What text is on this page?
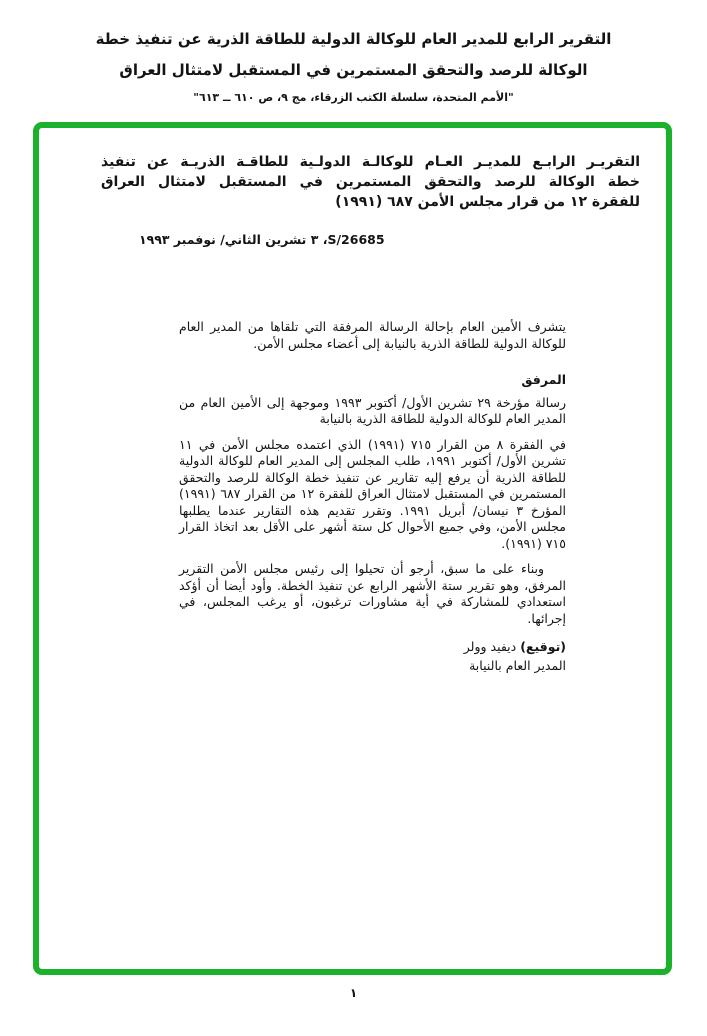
التقرير الرابع للمدير العام للوكالة الدولية للطاقة الذرية عن تنفيذ خطة
الوكالة للرصد والتحقق المستمرين في المستقبل لامتثال العراق
"الأمم المتحدة، سلسلة الكتب الزرقاء، مج ٩، ص ٦١٠ ــ ٦١٣"
التقريـر الرابـع للمديـر العـام للوكالـة الدولـية للطاقـة الذريـة عن تنفيذ
خطة الوكالة للرصد والتحقق المستمرين في المستقبل لامتثال العراق
للفقرة ١٢ من قرار مجلس الأمن ٦٨٧ (١٩٩١)
S/26685، ٣ تشرين الثاني/ نوفمبر ١٩٩٣

يتشرف الأمين العام بإحالة الرسالة المرفقة التي تلقاها من المدير العام للوكالة الدولية للطاقة الذرية بالنيابة إلى أعضاء مجلس الأمن.

المرفق

رسالة مؤرخة ٢٩ تشرين الأول/ أكتوبر ١٩٩٣ وموجهة إلى الأمين العام من المدير العام للوكالة الدولية للطاقة الذرية بالنيابة

في الفقرة ٨ من القرار ٧١٥ (١٩٩١) الذي اعتمده مجلس الأمن في ١١ تشرين الأول/ أكتوبر ١٩٩١، طلب المجلس إلى المدير العام للوكالة الدولية للطاقة الذرية أن يرفع إليه تقارير عن تنفيذ خطة الوكالة للرصد والتحقق المستمرين في المستقبل لامتثال العراق للفقرة ١٢ من القرار ٦٨٧ (١٩٩١) المؤرخ ٣ نيسان/ أبريل ١٩٩١. وتقرر تقديم هذه التقارير عندما يطلبها مجلس الأمن، وفي جميع الأحوال كل ستة أشهر على الأقل بعد اتخاذ القرار ٧١٥ (١٩٩١).

وبناء على ما سبق، أرجو أن تحيلوا إلى رئيس مجلس الأمن التقرير المرفق، وهو تقرير ستة الأشهر الرابع عن تنفيذ الخطة. وأود أيضا أن أؤكد استعدادي للمشاركة في أية مشاورات ترغبون، أو يرغب المجلس، في إجرائها.

(توقيع) ديفيد وولر
المدير العام بالنيابة
١
